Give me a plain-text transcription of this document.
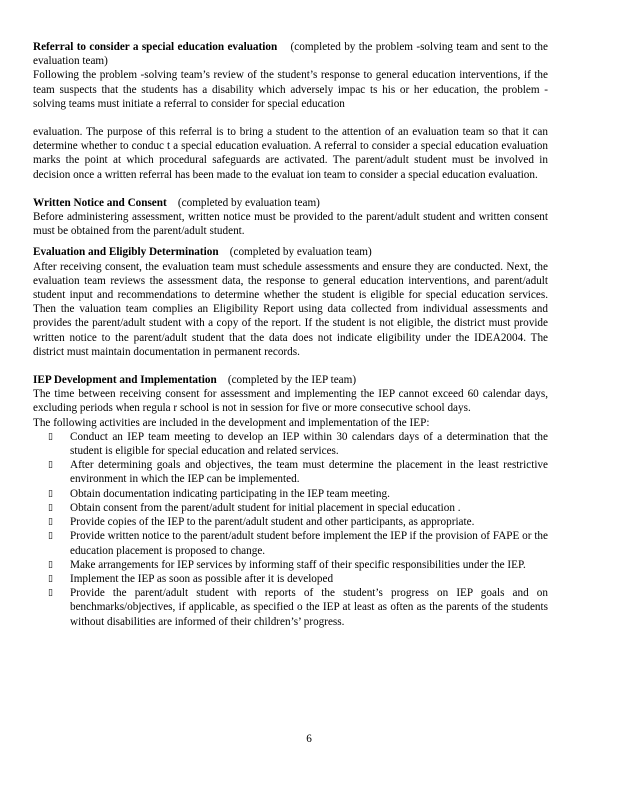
Referral to consider a special education evaluation (completed by the problem -solving team and sent to the evaluation team)

Following the problem -solving team’s review of the student’s response to general education interventions, if the team suspects that the students has a disability which adversely impac ts his or her education, the problem - solving teams must initiate a referral to consider for special education

evaluation. The purpose of this referral is to bring a student to the attention of an evaluation team so that it can determine whether to conduc t a special education evaluation. A referral to consider a special education evaluation marks the point at which procedural safeguards are activated. The parent/adult student must be involved in decision once a written referral has been made to the evaluat ion team to consider a special education evaluation.

Written Notice and Consent (completed by evaluation team)

Before administering assessment, written notice must be provided to the parent/adult student and written consent must be obtained from the parent/adult student.

Evaluation and Eligibly Determination (completed by evaluation team)

After receiving consent, the evaluation team must schedule assessments and ensure they are conducted. Next, the evaluation team reviews the assessment data, the response to general education interventions, and parent/adult student input and recommendations to determine whether the student is eligible for special education services. Then the valuation team complies an Eligibility Report using data collected from individual assessments and provides the parent/adult student with a copy of the report. If the student is not eligible, the district must provide written notice to the parent/adult student that the data does not indicate eligibility under the IDEA2004. The district must maintain documentation in permanent records.

IEP Development and Implementation (completed by the IEP team)

The time between receiving consent for assessment and implementing the IEP cannot exceed 60 calendar days, excluding periods when regula r school is not in session for five or more consecutive school days.

The following activities are included in the development and implementation of the IEP:

▯ Conduct an IEP team meeting to develop an IEP within 30 calendars days of a determination that the student is eligible for special education and related services.
▯ After determining goals and objectives, the team must determine the placement in the least restrictive environment in which the IEP can be implemented.
▯ Obtain documentation indicating participating in the IEP team meeting.
▯ Obtain consent from the parent/adult student for initial placement in special education .
▯ Provide copies of the IEP to the parent/adult student and other participants, as appropriate.
▯ Provide written notice to the parent/adult student before implement the IEP if the provision of FAPE or the education placement is proposed to change.
▯ Make arrangements for IEP services by informing staff of their specific responsibilities under the IEP.
▯ Implement the IEP as soon as possible after it is developed
▯ Provide the parent/adult student with reports of the student’s progress on IEP goals and on benchmarks/objectives, if applicable, as specified o the IEP at least as often as the parents of the students without disabilities are informed of their children’s’ progress.
6
